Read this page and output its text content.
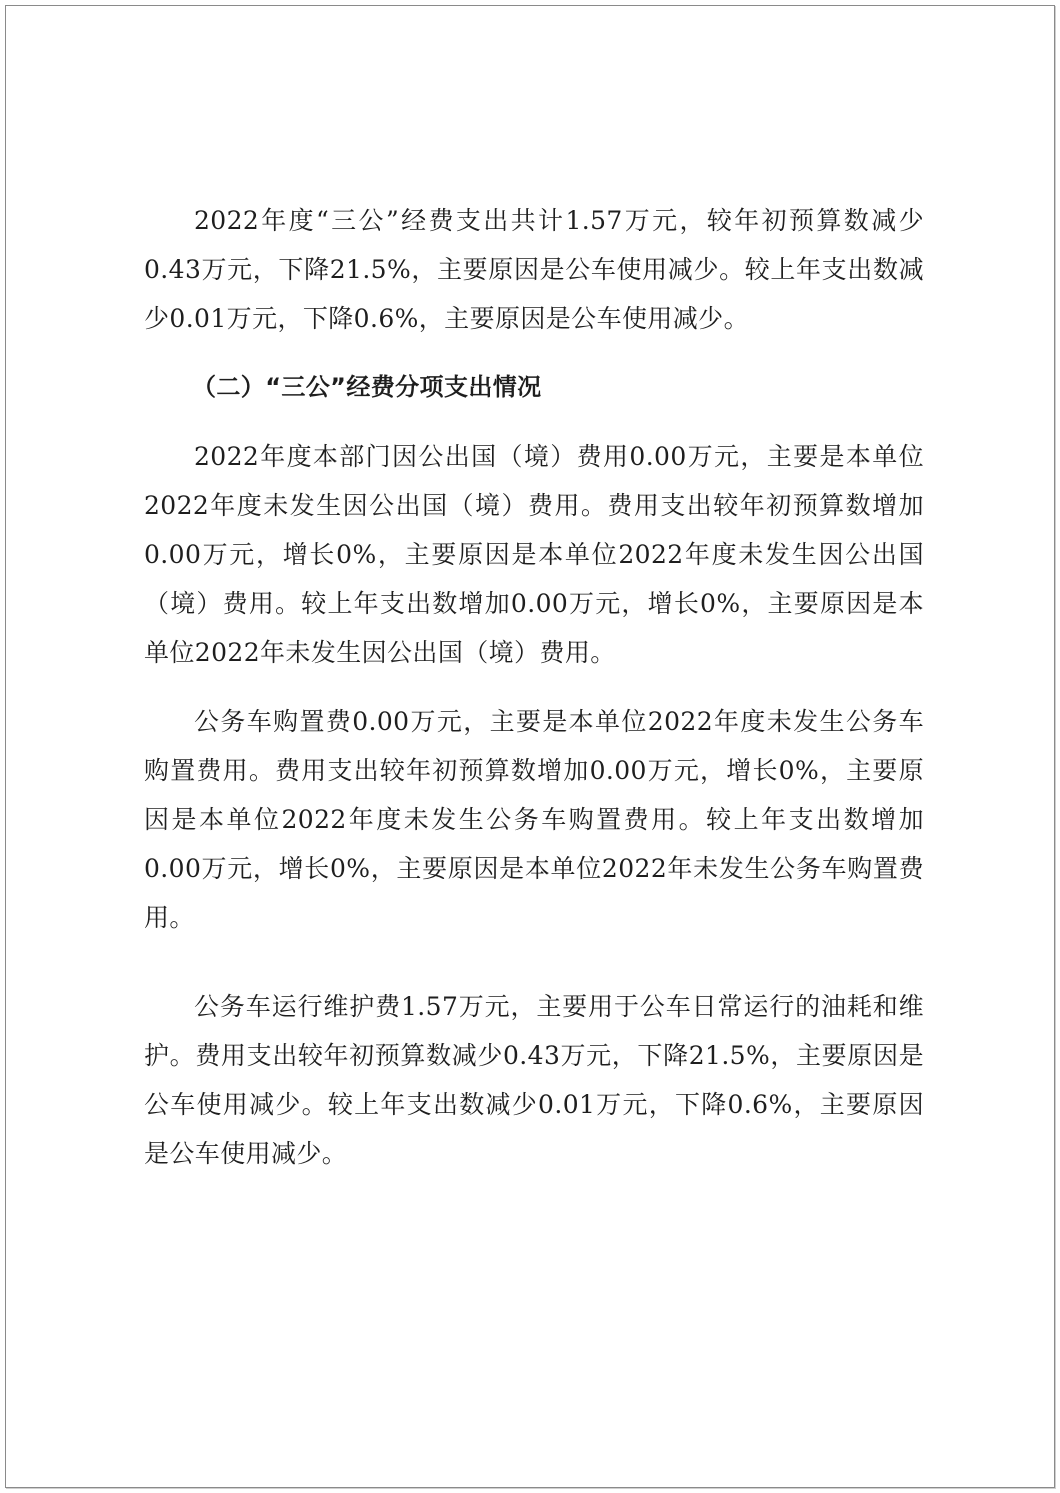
2022年度“三公”经费支出共计1.57万元，较年初预算数减少0.43万元，下降21.5%，主要原因是公车使用减少。较上年支出数减少0.01万元，下降0.6%，主要原因是公车使用减少。

（二）“三公”经费分项支出情况

2022年度本部门因公出国（境）费用0.00万元，主要是本单位2022年度未发生因公出国（境）费用。费用支出较年初预算数增加0.00万元，增长0%，主要原因是本单位2022年度未发生因公出国（境）费用。较上年支出数增加0.00万元，增长0%，主要原因是本单位2022年未发生因公出国（境）费用。

公务车购置费0.00万元，主要是本单位2022年度未发生公务车购置费用。费用支出较年初预算数增加0.00万元，增长0%，主要原因是本单位2022年度未发生公务车购置费用。较上年支出数增加0.00万元，增长0%，主要原因是本单位2022年未发生公务车购置费用。

公务车运行维护费1.57万元，主要用于公车日常运行的油耗和维护。费用支出较年初预算数减少0.43万元，下降21.5%，主要原因是公车使用减少。较上年支出数减少0.01万元，下降0.6%，主要原因是公车使用减少。
